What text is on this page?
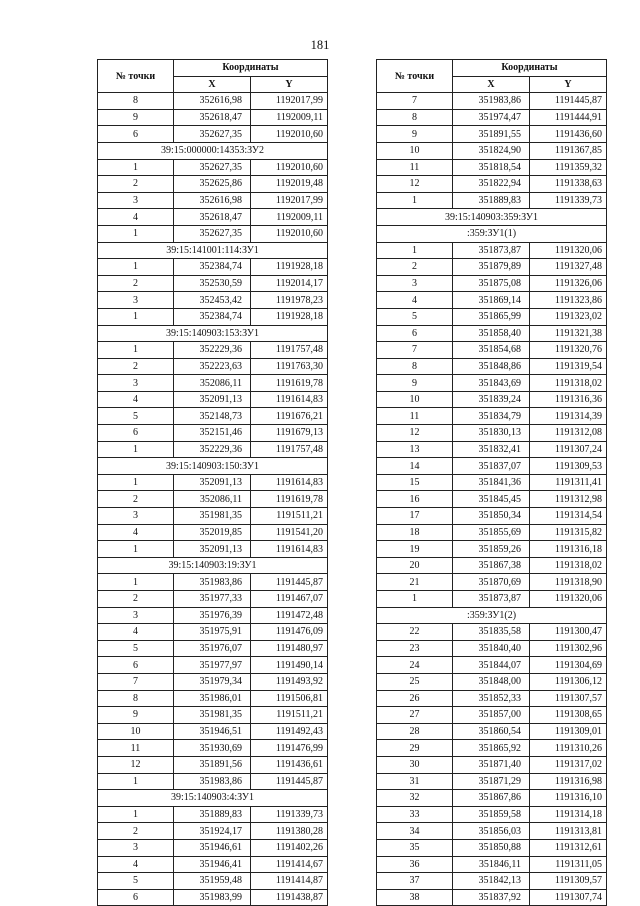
181
№ точки	Координаты	
	X	Y
8	352616,98	1192017,99
9	352618,47	1192009,11
6	352627,35	1192010,60
39:15:000000:14353:ЗУ2		
1	352627,35	1192010,60
2	352625,86	1192019,48
3	352616,98	1192017,99
4	352618,47	1192009,11
1	352627,35	1192010,60
39:15:141001:114:ЗУ1		
1	352384,74	1191928,18
2	352530,59	1192014,17
3	352453,42	1191978,23
1	352384,74	1191928,18
39:15:140903:153:ЗУ1		
1	352229,36	1191757,48
2	352223,63	1191763,30
3	352086,11	1191619,78
4	352091,13	1191614,83
5	352148,73	1191676,21
6	352151,46	1191679,13
1	352229,36	1191757,48
39:15:140903:150:ЗУ1		
1	352091,13	1191614,83
2	352086,11	1191619,78
3	351981,35	1191511,21
4	352019,85	1191541,20
1	352091,13	1191614,83
39:15:140903:19:ЗУ1		
1	351983,86	1191445,87
2	351977,33	1191467,07
3	351976,39	1191472,48
4	351975,91	1191476,09
5	351976,07	1191480,97
6	351977,97	1191490,14
7	351979,34	1191493,92
8	351986,01	1191506,81
9	351981,35	1191511,21
10	351946,51	1191492,43
11	351930,69	1191476,99
12	351891,56	1191436,61
1	351983,86	1191445,87
39:15:140903:4:ЗУ1		
1	351889,83	1191339,73
2	351924,17	1191380,28
3	351946,61	1191402,26
4	351946,41	1191414,67
5	351959,48	1191414,87
6	351983,99	1191438,87
№ точки	Координаты	
	X	Y
7	351983,86	1191445,87
8	351974,47	1191444,91
9	351891,55	1191436,60
10	351824,90	1191367,85
11	351818,54	1191359,32
12	351822,94	1191338,63
1	351889,83	1191339,73
39:15:140903:359:ЗУ1		
:359:ЗУ1(1)		
1	351873,87	1191320,06
2	351879,89	1191327,48
3	351875,08	1191326,06
4	351869,14	1191323,86
5	351865,99	1191323,02
6	351858,40	1191321,38
7	351854,68	1191320,76
8	351848,86	1191319,54
9	351843,69	1191318,02
10	351839,24	1191316,36
11	351834,79	1191314,39
12	351830,13	1191312,08
13	351832,41	1191307,24
14	351837,07	1191309,53
15	351841,36	1191311,41
16	351845,45	1191312,98
17	351850,34	1191314,54
18	351855,69	1191315,82
19	351859,26	1191316,18
20	351867,38	1191318,02
21	351870,69	1191318,90
1	351873,87	1191320,06
:359:ЗУ1(2)		
22	351835,58	1191300,47
23	351840,40	1191302,96
24	351844,07	1191304,69
25	351848,00	1191306,12
26	351852,33	1191307,57
27	351857,00	1191308,65
28	351860,54	1191309,01
29	351865,92	1191310,26
30	351871,40	1191317,02
31	351871,29	1191316,98
32	351867,86	1191316,10
33	351859,58	1191314,18
34	351856,03	1191313,81
35	351850,88	1191312,61
36	351846,11	1191311,05
37	351842,13	1191309,57
38	351837,92	1191307,74
